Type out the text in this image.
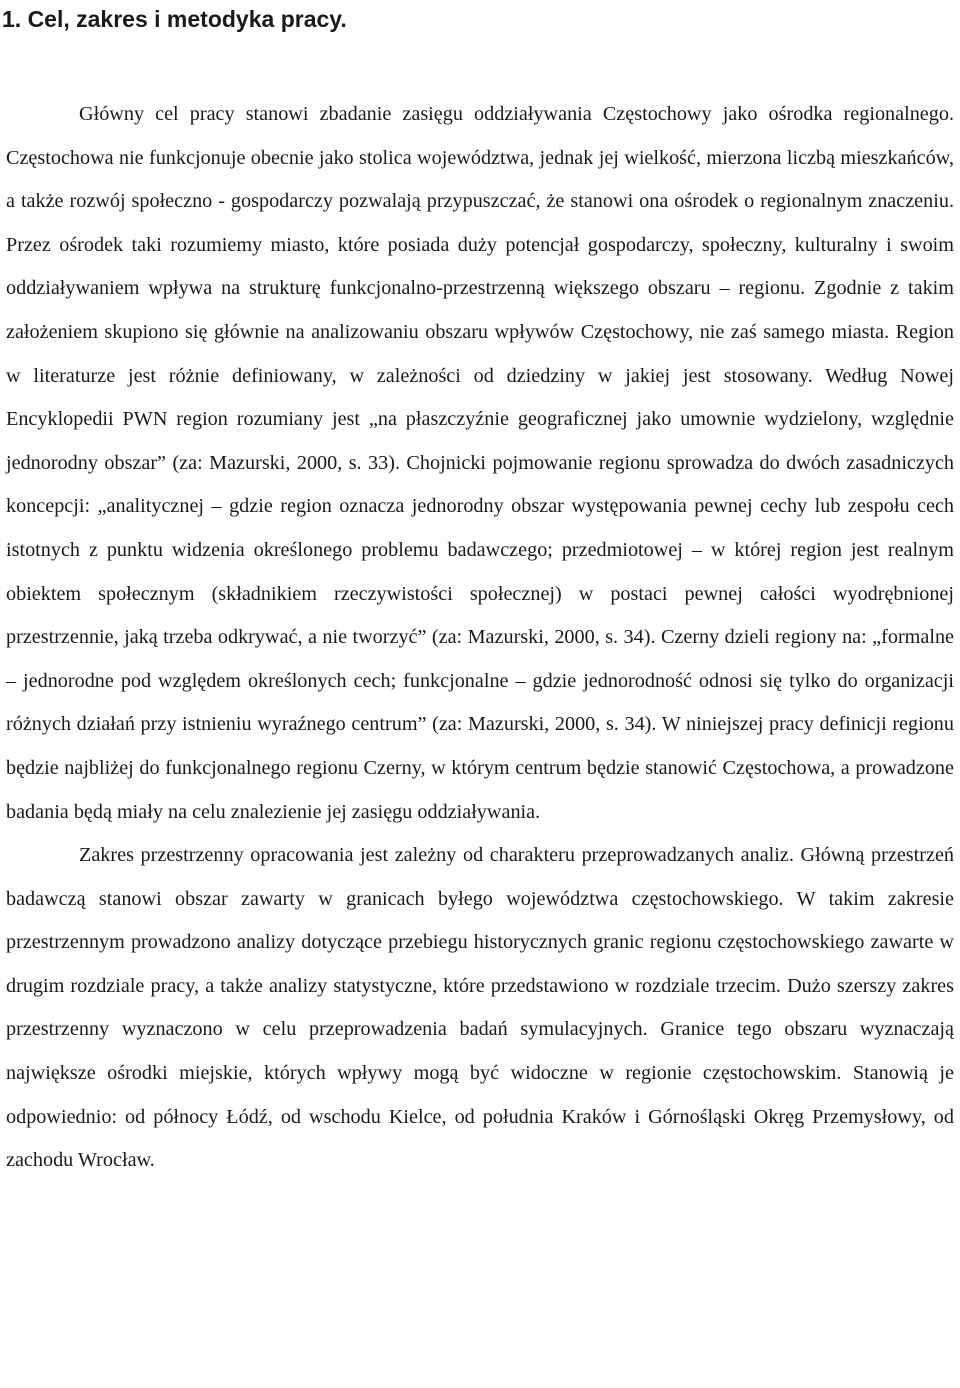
1. Cel, zakres i metodyka pracy.

Główny cel pracy stanowi zbadanie zasięgu oddziaływania Częstochowy jako ośrodka regionalnego. Częstochowa nie funkcjonuje obecnie jako stolica województwa, jednak jej wielkość, mierzona liczbą mieszkańców, a także rozwój społeczno - gospodarczy pozwalają przypuszczać, że stanowi ona ośrodek o regionalnym znaczeniu. Przez ośrodek taki rozumiemy miasto, które posiada duży potencjał gospodarczy, społeczny, kulturalny i swoim oddziaływaniem wpływa na strukturę funkcjonalno-przestrzenną większego obszaru – regionu. Zgodnie z takim założeniem skupiono się głównie na analizowaniu obszaru wpływów Częstochowy, nie zaś samego miasta. Region w literaturze jest różnie definiowany, w zależności od dziedziny w jakiej jest stosowany. Według Nowej Encyklopedii PWN region rozumiany jest „na płaszczyźnie geograficznej jako umownie wydzielony, względnie jednorodny obszar” (za: Mazurski, 2000, s. 33). Chojnicki pojmowanie regionu sprowadza do dwóch zasadniczych koncepcji: „analitycznej – gdzie region oznacza jednorodny obszar występowania pewnej cechy lub zespołu cech istotnych z punktu widzenia określonego problemu badawczego; przedmiotowej – w której region jest realnym obiektem społecznym (składnikiem rzeczywistości społecznej) w postaci pewnej całości wyodrębnionej przestrzennie, jaką trzeba odkrywać, a nie tworzyć” (za: Mazurski, 2000, s. 34). Czerny dzieli regiony na: „formalne – jednorodne pod względem określonych cech; funkcjonalne – gdzie jednorodność odnosi się tylko do organizacji różnych działań przy istnieniu wyraźnego centrum” (za: Mazurski, 2000, s. 34). W niniejszej pracy definicji regionu będzie najbliżej do funkcjonalnego regionu Czerny, w którym centrum będzie stanowić Częstochowa, a prowadzone badania będą miały na celu znalezienie jej zasięgu oddziaływania.

Zakres przestrzenny opracowania jest zależny od charakteru przeprowadzanych analiz. Główną przestrzeń badawczą stanowi obszar zawarty w granicach byłego województwa częstochowskiego. W takim zakresie przestrzennym prowadzono analizy dotyczące przebiegu historycznych granic regionu częstochowskiego zawarte w drugim rozdziale pracy, a także analizy statystyczne, które przedstawiono w rozdziale trzecim. Dużo szerszy zakres przestrzenny wyznaczono w celu przeprowadzenia badań symulacyjnych. Granice tego obszaru wyznaczają największe ośrodki miejskie, których wpływy mogą być widoczne w regionie częstochowskim. Stanowią je odpowiednio: od północy Łódź, od wschodu Kielce, od południa Kraków i Górnośląski Okręg Przemysłowy, od zachodu Wrocław.
